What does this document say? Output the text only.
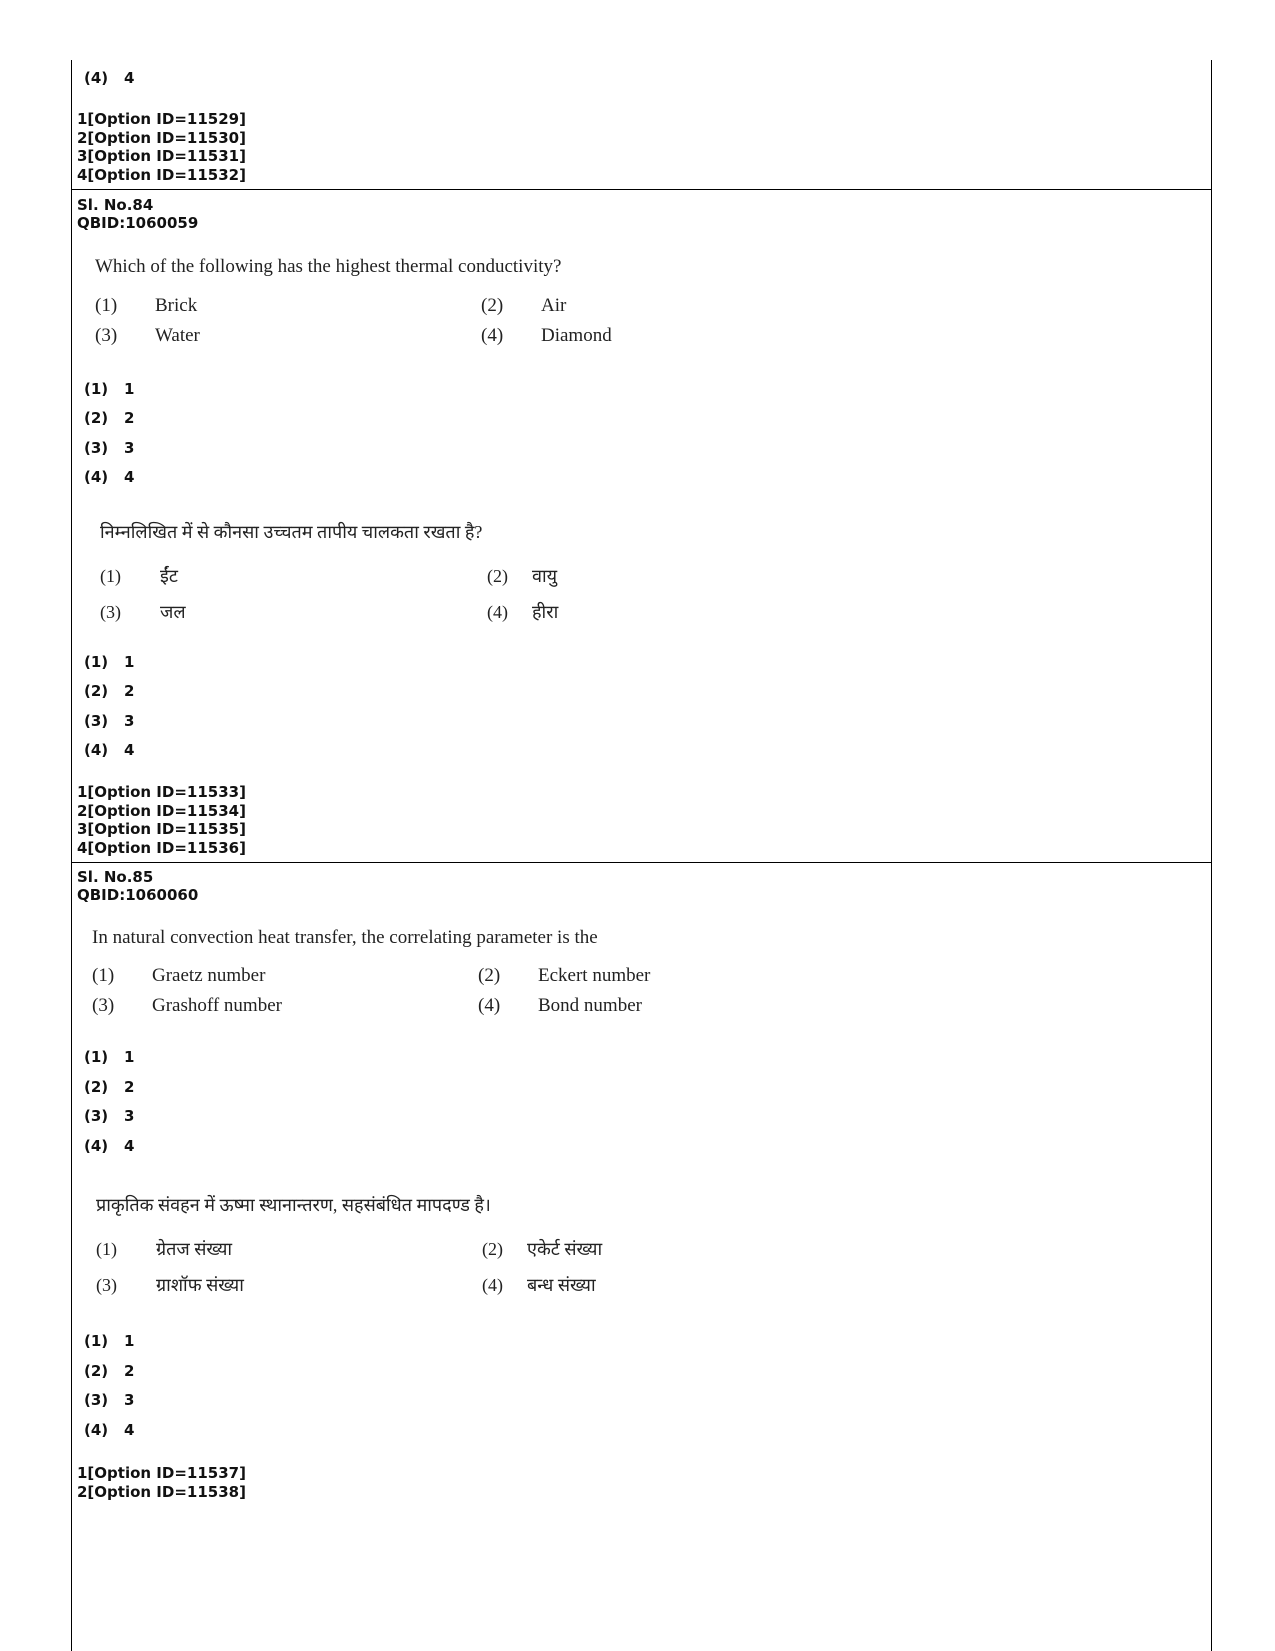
(4) 4
1[Option ID=11529]
2[Option ID=11530]
3[Option ID=11531]
4[Option ID=11532]
Sl. No.84
QBID:1060059
Which of the following has the highest thermal conductivity?
(1) Brick	(2) Air
(3) Water	(4) Diamond
(1) 1
(2) 2
(3) 3
(4) 4
निम्नलिखित में से कौनसा उच्चतम तापीय चालकता रखता है?
(1) ईंट	(2) वायु
(3) जल	(4) हीरा
(1) 1
(2) 2
(3) 3
(4) 4
1[Option ID=11533]
2[Option ID=11534]
3[Option ID=11535]
4[Option ID=11536]
Sl. No.85
QBID:1060060
In natural convection heat transfer, the correlating parameter is the
(1) Graetz number	(2) Eckert number
(3) Grashoff number	(4) Bond number
(1) 1
(2) 2
(3) 3
(4) 4
प्राकृतिक संवहन में ऊष्मा स्थानान्तरण, सहसंबंधित मापदण्ड है।
(1) ग्रेतज संख्या	(2) एकेर्ट संख्या
(3) ग्राशॉफ संख्या	(4) बन्ध संख्या
(1) 1
(2) 2
(3) 3
(4) 4
1[Option ID=11537]
2[Option ID=11538]
